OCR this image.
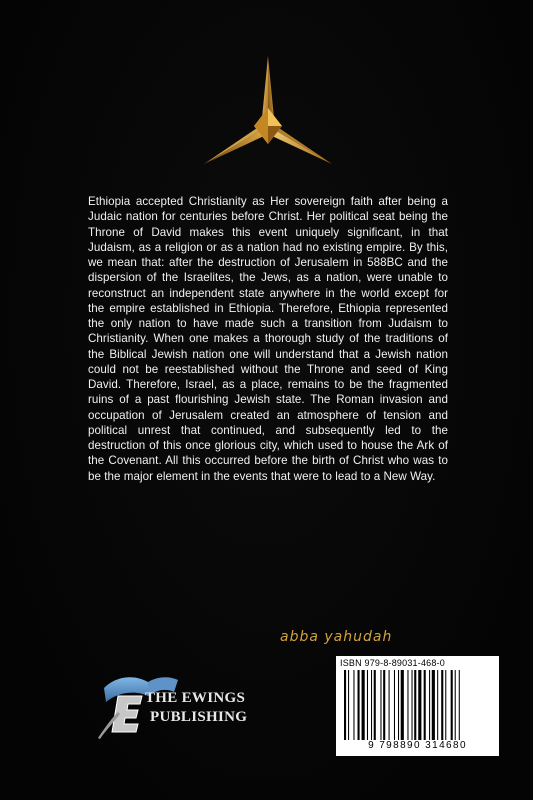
Ethiopia accepted Christianity as Her sovereign faith after being a Judaic nation for centuries before Christ. Her political seat being the Throne of David makes this event uniquely significant, in that Judaism, as a religion or as a nation had no existing empire. By this, we mean that: after the destruction of Jerusalem in 588BC and the dispersion of the Israelites, the Jews, as a nation, were unable to reconstruct an independent state anywhere in the world except for the empire established in Ethiopia. Therefore, Ethiopia represented the only nation to have made such a transition from Judaism to Christianity. When one makes a thorough study of the traditions of the Biblical Jewish nation one will understand that a Jewish nation could not be reestablished without the Throne and seed of King David. Therefore, Israel, as a place, remains to be the fragmented ruins of a past flourishing Jewish state. The Roman invasion and occupation of Jerusalem created an atmosphere of tension and political unrest that continued, and subsequently led to the destruction of this once glorious city, which used to house the Ark of the Covenant. All this occurred before the birth of Christ who was to be the major element in the events that were to lead to a New Way.
abba yahudah
THE EWINGS
PUBLISHING
ISBN 979-8-89031-468-0
9 798890 314680
